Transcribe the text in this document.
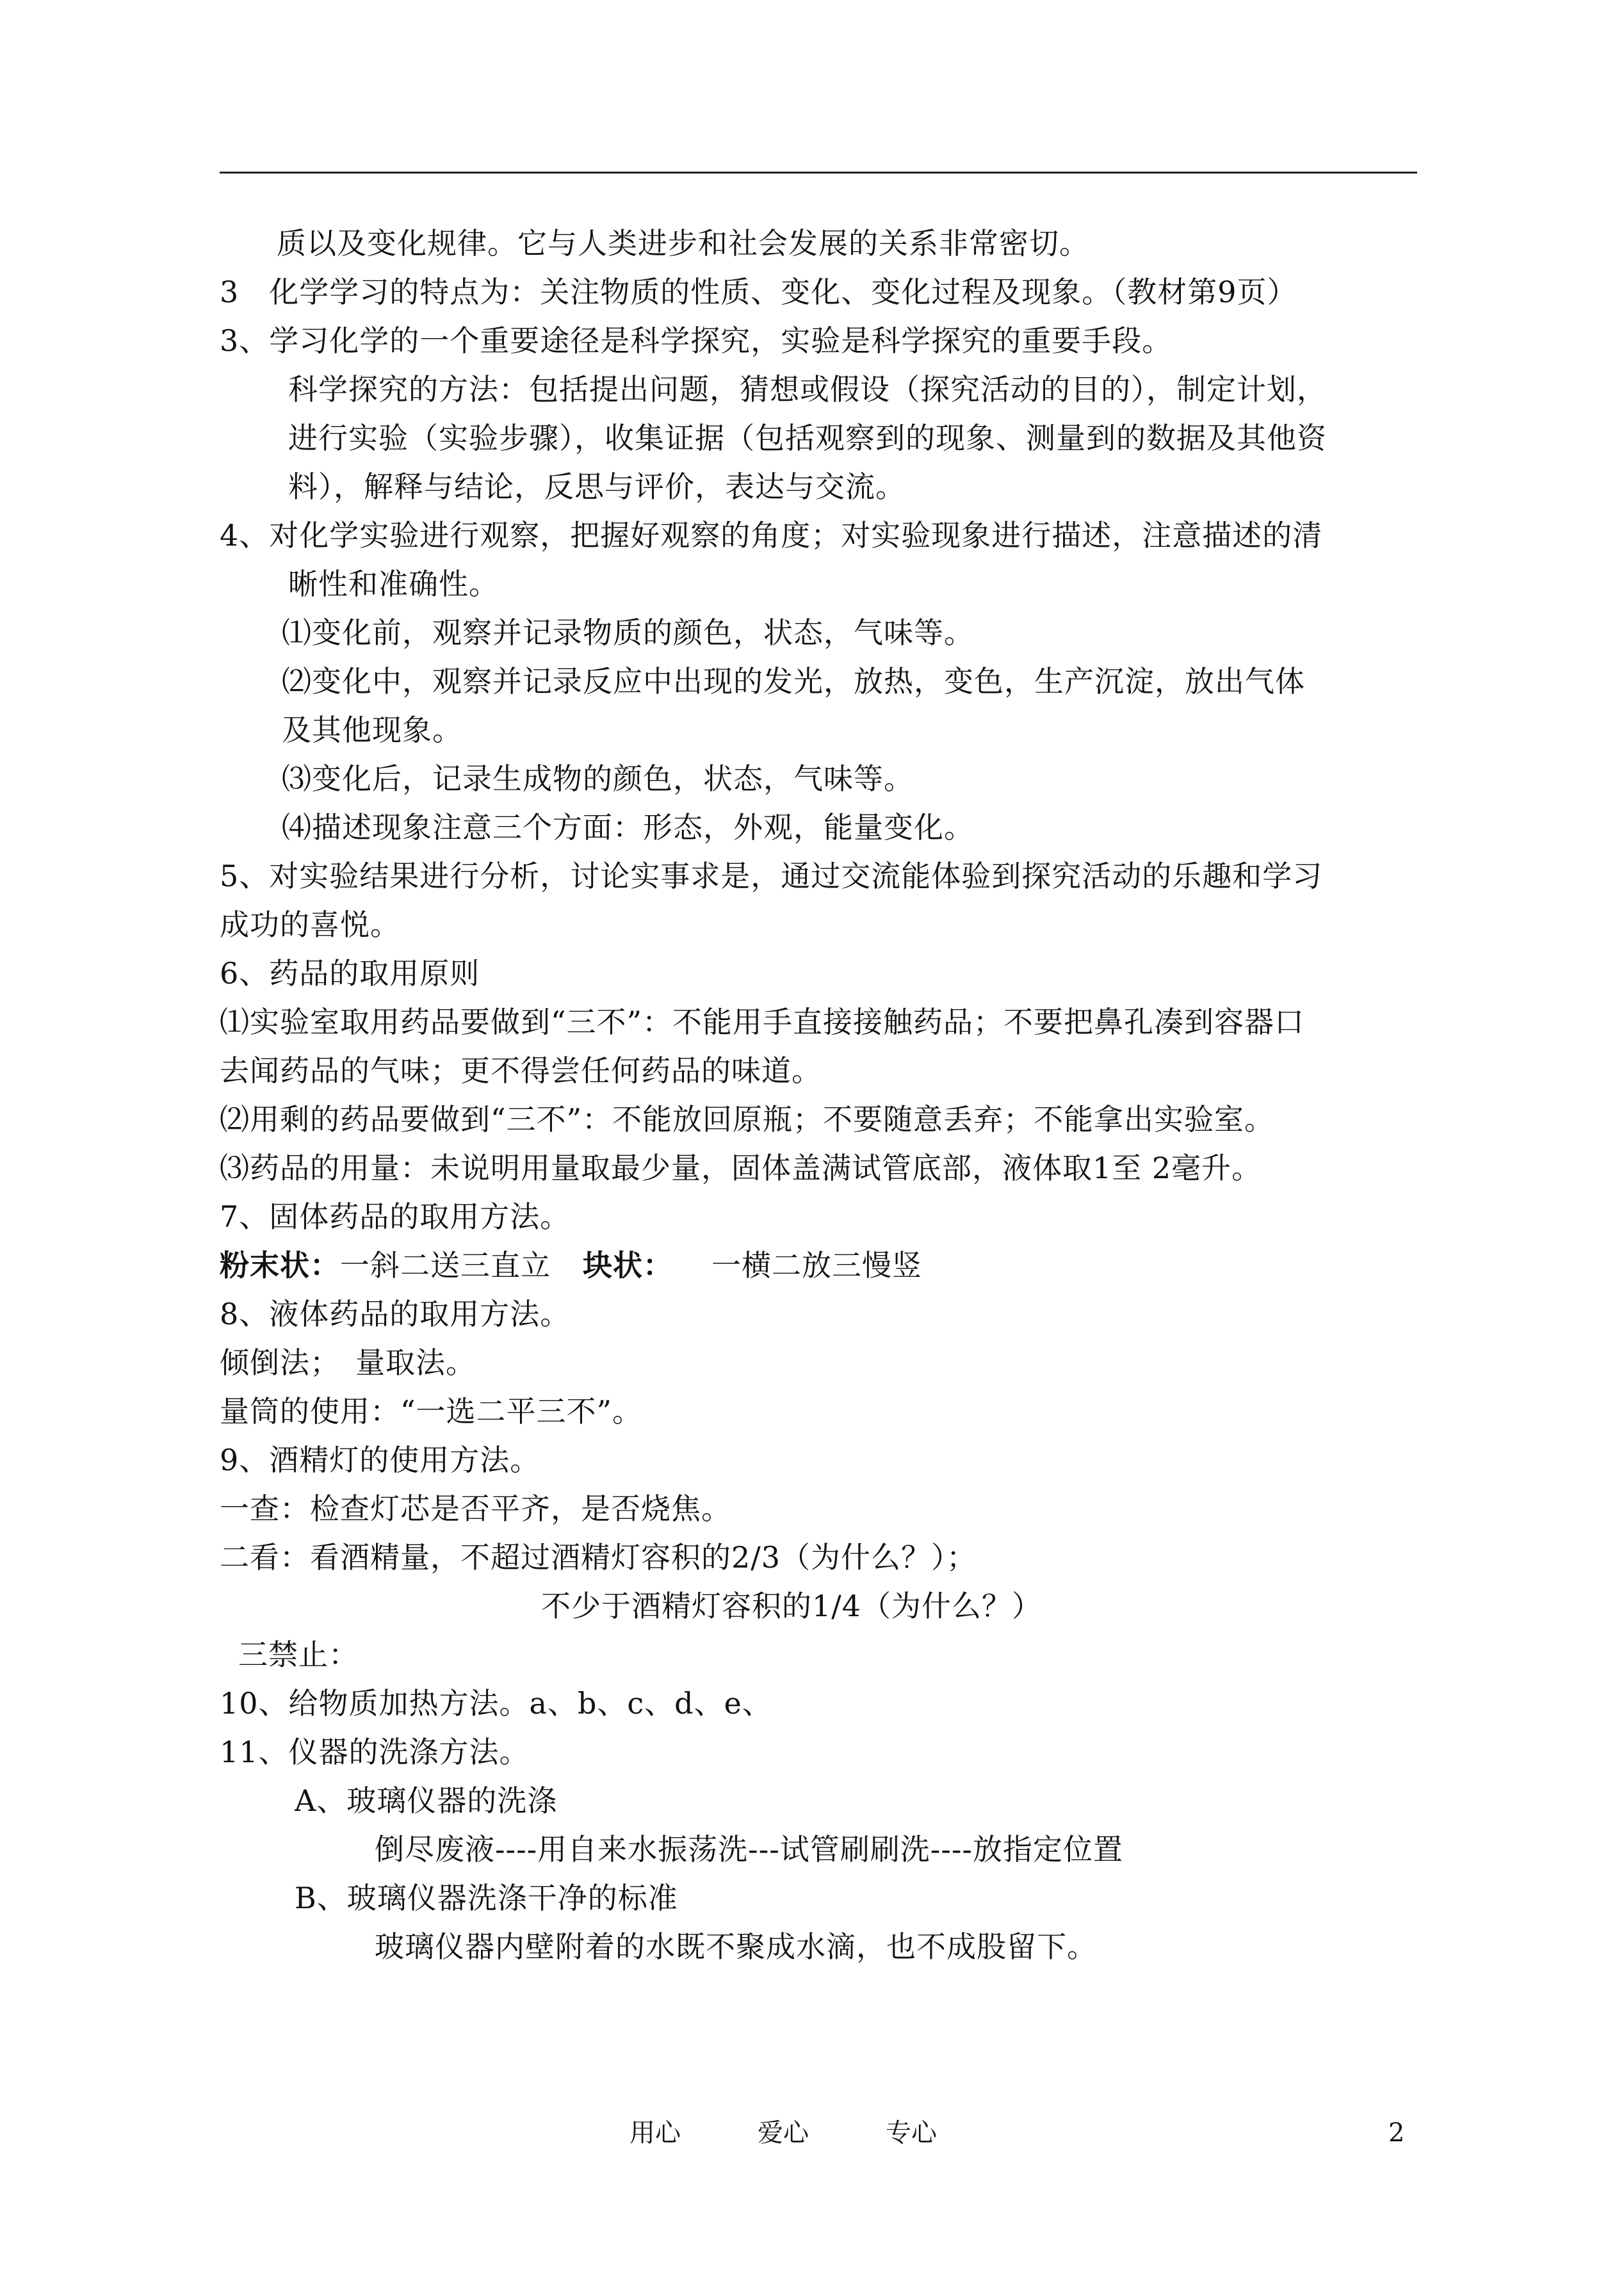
质以及变化规律。它与人类进步和社会发展的关系非常密切。
3　化学学习的特点为：关注物质的性质、变化、变化过程及现象。（教材第9页）
3、学习化学的一个重要途径是科学探究，实验是科学探究的重要手段。
科学探究的方法：包括提出问题，猜想或假设（探究活动的目的），制定计划，
进行实验（实验步骤），收集证据（包括观察到的现象、测量到的数据及其他资
料），解释与结论，反思与评价，表达与交流。
4、对化学实验进行观察，把握好观察的角度；对实验现象进行描述，注意描述的清
晰性和准确性。
⑴变化前，观察并记录物质的颜色，状态，气味等。
⑵变化中，观察并记录反应中出现的发光，放热，变色，生产沉淀，放出气体
及其他现象。
⑶变化后，记录生成物的颜色，状态，气味等。
⑷描述现象注意三个方面：形态，外观，能量变化。
5、对实验结果进行分析，讨论实事求是，通过交流能体验到探究活动的乐趣和学习
成功的喜悦。
6、药品的取用原则
⑴实验室取用药品要做到“三不”：不能用手直接接触药品；不要把鼻孔凑到容器口
去闻药品的气味；更不得尝任何药品的味道。
⑵用剩的药品要做到“三不”：不能放回原瓶；不要随意丢弃；不能拿出实验室。
⑶药品的用量：未说明用量取最少量，固体盖满试管底部，液体取1至 2毫升。
7、固体药品的取用方法。
粉末状：一斜二送三直立 块状： 一横二放三慢竖
8、液体药品的取用方法。
倾倒法；　量取法。
量筒的使用：“一选二平三不”。
9、酒精灯的使用方法。
一查：检查灯芯是否平齐，是否烧焦。
二看：看酒精量，不超过酒精灯容积的2/3（为什么？）；
不少于酒精灯容积的1/4（为什么？）
三禁止：
10、给物质加热方法。a、b、c、d、e、
11、仪器的洗涤方法。
A、玻璃仪器的洗涤
倒尽废液----用自来水振荡洗---试管刷刷洗----放指定位置
B、玻璃仪器洗涤干净的标准
玻璃仪器内壁附着的水既不聚成水滴，也不成股留下。
用心	爱心	专心	2
